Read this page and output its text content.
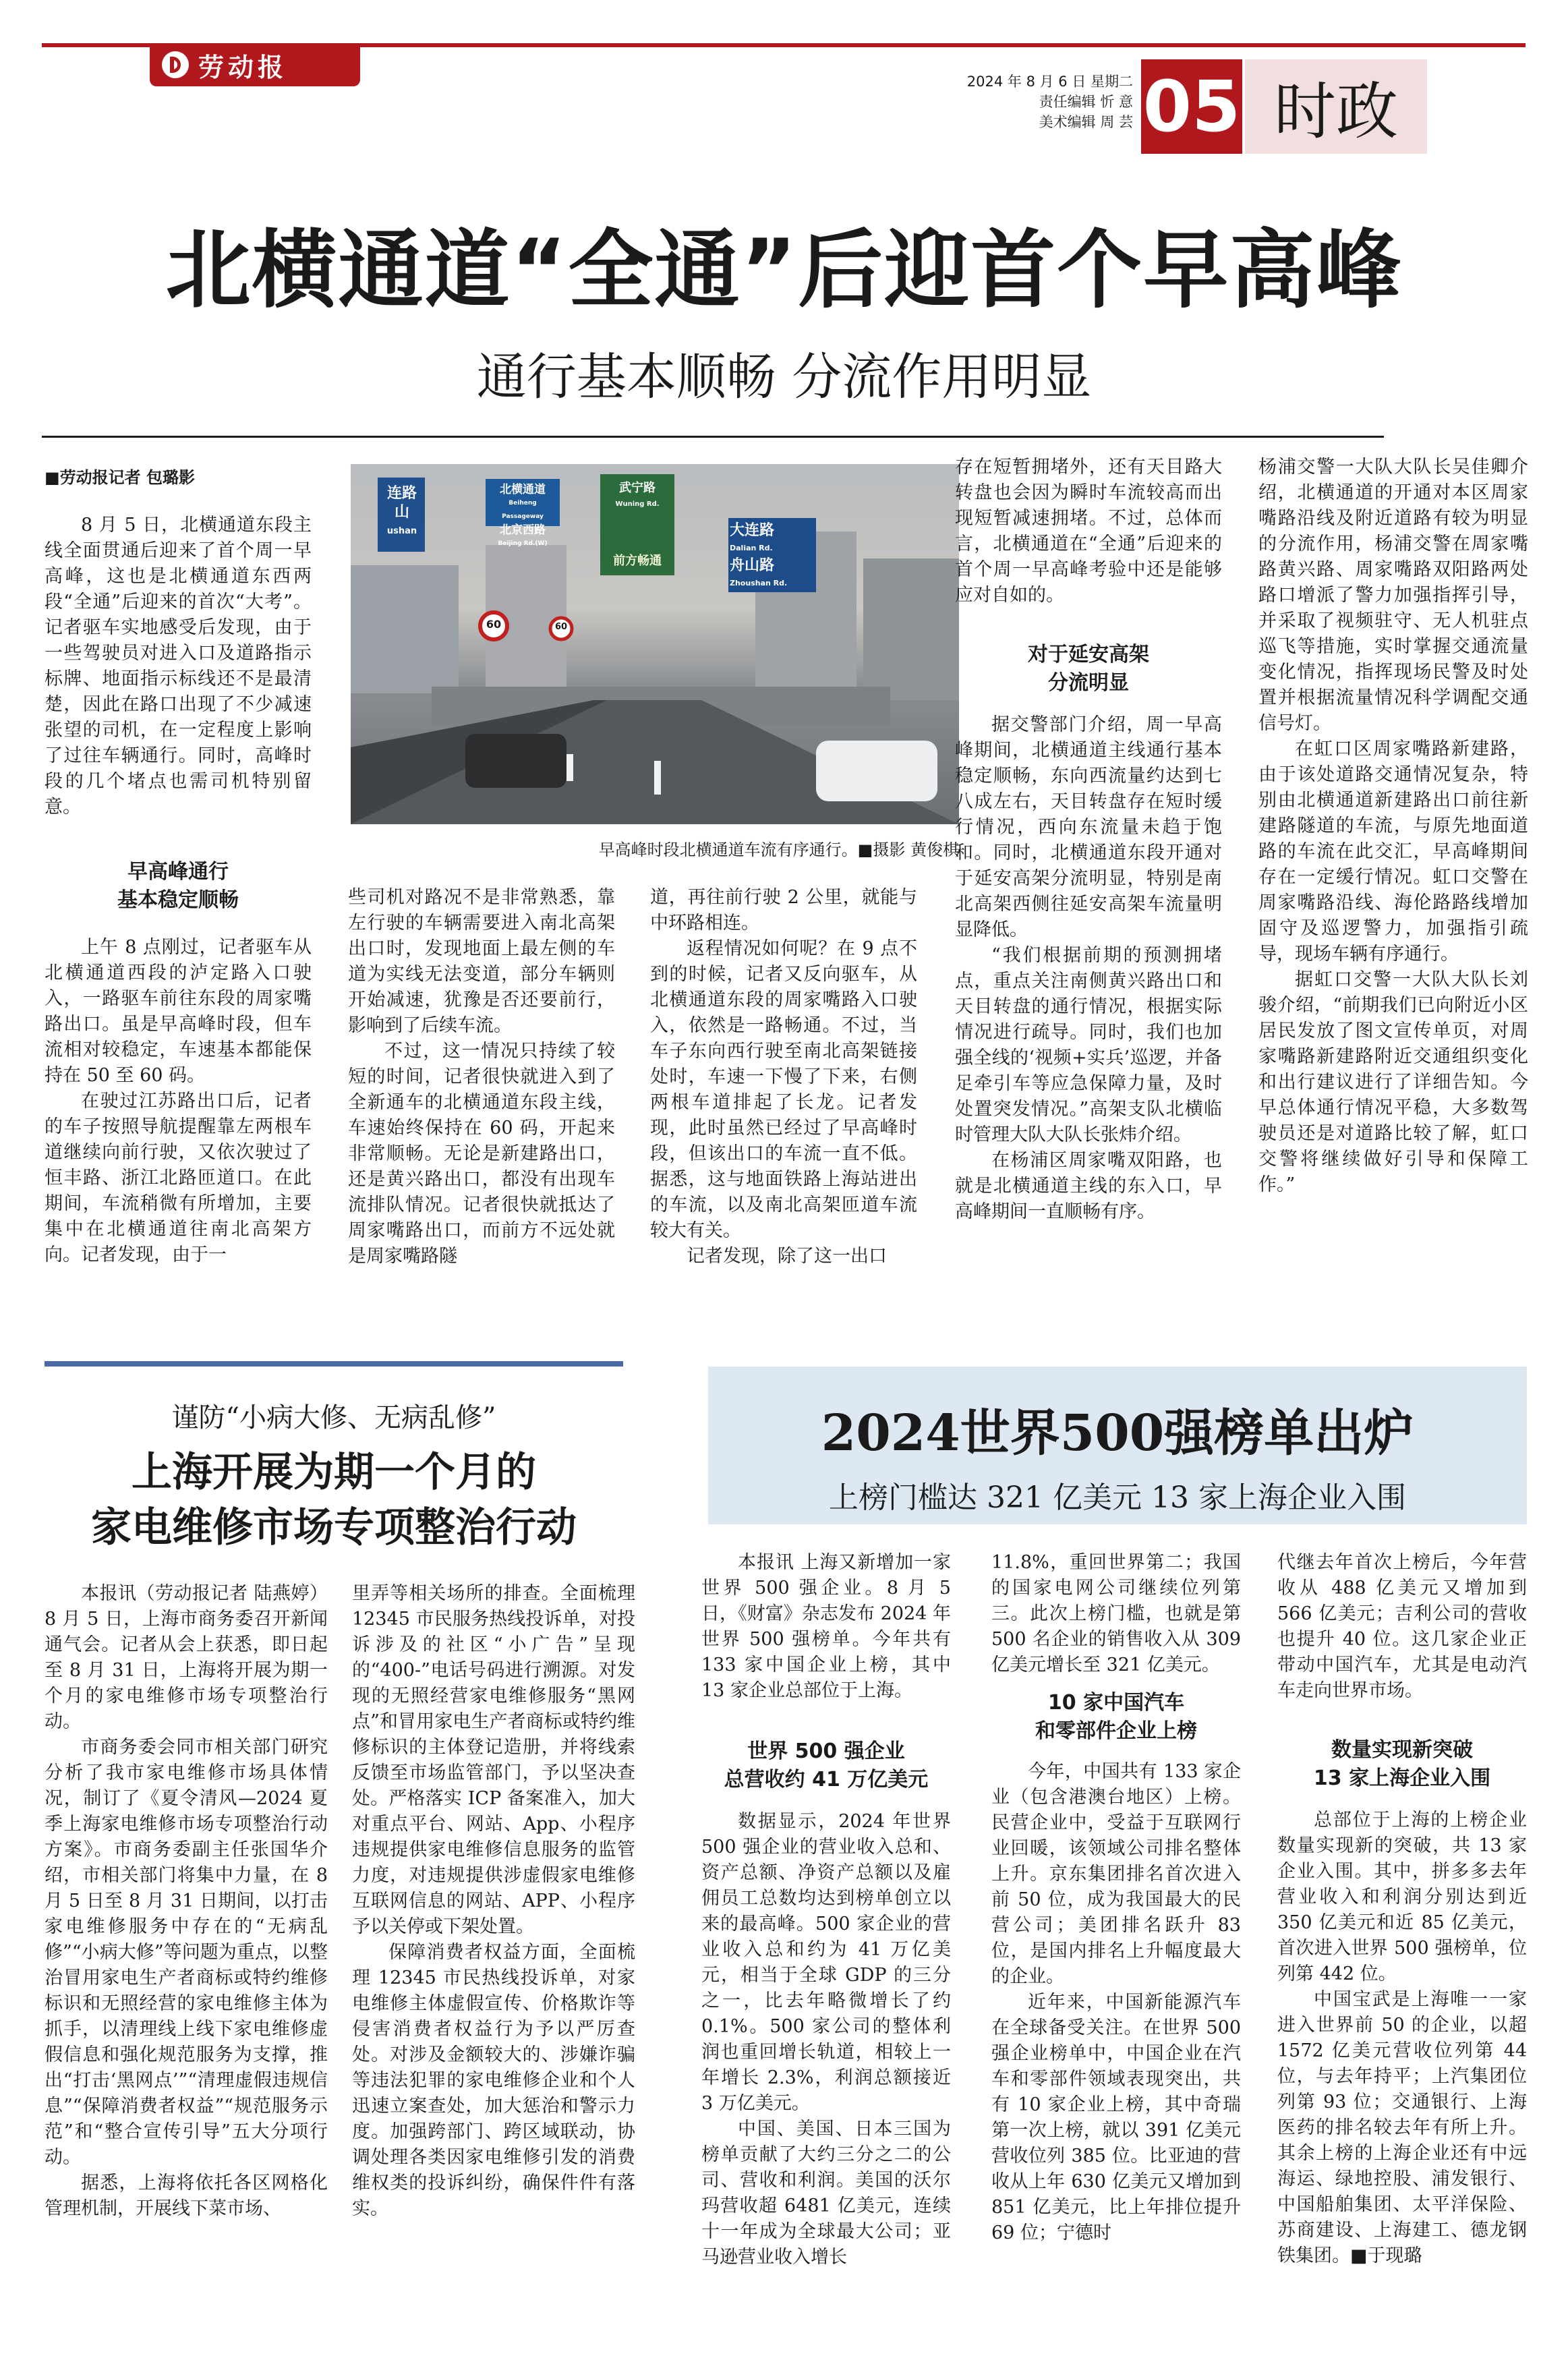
劳动报	2024 年 8 月 6 日 星期二
责任编辑 忻 意
美术编辑 周 芸 05 时政
北横通道“全通”后迎首个早高峰
通行基本顺畅 分流作用明显
■劳动报记者 包璐影

8 月 5 日，北横通道东段主线全面贯通后迎来了首个周一早高峰，这也是北横通道东西两段“全通”后迎来的首次“大考”。记者驱车实地感受后发现，由于一些驾驶员对进入口及道路指示标牌、地面指示标线还不是最清楚，因此在路口出现了不少减速张望的司机，在一定程度上影响了过往车辆通行。同时，高峰时段的几个堵点也需司机特别留意。

早高峰通行
基本稳定顺畅

上午 8 点刚过，记者驱车从北横通道西段的泸定路入口驶入，一路驱车前往东段的周家嘴路出口。虽是早高峰时段，但车流相对较稳定，车速基本都能保持在 50 至 60 码。

在驶过江苏路出口后，记者的车子按照导航提醒靠左两根车道继续向前行驶，又依次驶过了恒丰路、浙江北路匝道口。在此期间，车流稍微有所增加，主要集中在北横通道往南北高架方向。记者发现，由于一

连路
山
ushan
北横通道
Beiheng Passageway
北京西路
Beijing Rd.(W)
武宁路
Wuning Rd.
前方畅通
大连路
Dalian Rd.
舟山路
Zhoushan Rd.
60	60
早高峰时段北横通道车流有序通行。■摄影 黄俊棋

些司机对路况不是非常熟悉，靠左行驶的车辆需要进入南北高架出口时，发现地面上最左侧的车道为实线无法变道，部分车辆则开始减速，犹豫是否还要前行，影响到了后续车流。

不过，这一情况只持续了较短的时间，记者很快就进入到了全新通车的北横通道东段主线，车速始终保持在 60 码，开起来非常顺畅。无论是新建路出口，还是黄兴路出口，都没有出现车流排队情况。记者很快就抵达了周家嘴路出口，而前方不远处就是周家嘴路隧

道，再往前行驶 2 公里，就能与中环路相连。

返程情况如何呢？在 9 点不到的时候，记者又反向驱车，从北横通道东段的周家嘴路入口驶入，依然是一路畅通。不过，当车子东向西行驶至南北高架链接处时，车速一下慢了下来，右侧两根车道排起了长龙。记者发现，此时虽然已经过了早高峰时段，但该出口的车流一直不低。据悉，这与地面铁路上海站进出的车流，以及南北高架匝道车流较大有关。

记者发现，除了这一出口

存在短暂拥堵外，还有天目路大转盘也会因为瞬时车流较高而出现短暂减速拥堵。不过，总体而言，北横通道在“全通”后迎来的首个周一早高峰考验中还是能够应对自如的。

对于延安高架
分流明显

据交警部门介绍，周一早高峰期间，北横通道主线通行基本稳定顺畅，东向西流量约达到七八成左右，天目转盘存在短时缓行情况，西向东流量未趋于饱和。同时，北横通道东段开通对于延安高架分流明显，特别是南北高架西侧往延安高架车流量明显降低。

“我们根据前期的预测拥堵点，重点关注南侧黄兴路出口和天目转盘的通行情况，根据实际情况进行疏导。同时，我们也加强全线的‘视频+实兵’巡逻，并备足牵引车等应急保障力量，及时处置突发情况。”高架支队北横临时管理大队大队长张炜介绍。

在杨浦区周家嘴双阳路，也就是北横通道主线的东入口，早高峰期间一直顺畅有序。

杨浦交警一大队大队长吴佳卿介绍，北横通道的开通对本区周家嘴路沿线及附近道路有较为明显的分流作用，杨浦交警在周家嘴路黄兴路、周家嘴路双阳路两处路口增派了警力加强指挥引导，并采取了视频驻守、无人机驻点巡飞等措施，实时掌握交通流量变化情况，指挥现场民警及时处置并根据流量情况科学调配交通信号灯。

在虹口区周家嘴路新建路，由于该处道路交通情况复杂，特别由北横通道新建路出口前往新建路隧道的车流，与原先地面道路的车流在此交汇，早高峰期间存在一定缓行情况。虹口交警在周家嘴路沿线、海伦路路线增加固守及巡逻警力，加强指引疏导，现场车辆有序通行。

据虹口交警一大队大队长刘骏介绍，“前期我们已向附近小区居民发放了图文宣传单页，对周家嘴路新建路附近交通组织变化和出行建议进行了详细告知。今早总体通行情况平稳，大多数驾驶员还是对道路比较了解，虹口交警将继续做好引导和保障工作。”

谨防“小病大修、无病乱修”
上海开展为期一个月的
家电维修市场专项整治行动

本报讯（劳动报记者 陆燕婷）8 月 5 日，上海市商务委召开新闻通气会。记者从会上获悉，即日起至 8 月 31 日，上海将开展为期一个月的家电维修市场专项整治行动。

市商务委会同市相关部门研究分析了我市家电维修市场具体情况，制订了《夏令清风—2024 夏季上海家电维修市场专项整治行动方案》。市商务委副主任张国华介绍，市相关部门将集中力量，在 8 月 5 日至 8 月 31 日期间，以打击家电维修服务中存在的“无病乱修”“小病大修”等问题为重点，以整治冒用家电生产者商标或特约维修标识和无照经营的家电维修主体为抓手，以清理线上线下家电维修虚假信息和强化规范服务为支撑，推出“打击‘黑网点’”“清理虚假违规信息”“保障消费者权益”“规范服务示范”和“整合宣传引导”五大分项行动。

据悉，上海将依托各区网格化管理机制，开展线下菜市场、

里弄等相关场所的排查。全面梳理 12345 市民服务热线投诉单，对投诉涉及的社区“小广告”呈现的“400-”电话号码进行溯源。对发现的无照经营家电维修服务“黑网点”和冒用家电生产者商标或特约维修标识的主体登记造册，并将线索反馈至市场监管部门，予以坚决查处。严格落实 ICP 备案准入，加大对重点平台、网站、App、小程序违规提供家电维修信息服务的监管力度，对违规提供涉虚假家电维修互联网信息的网站、APP、小程序予以关停或下架处置。

保障消费者权益方面，全面梳理 12345 市民热线投诉单，对家电维修主体虚假宣传、价格欺诈等侵害消费者权益行为予以严厉查处。对涉及金额较大的、涉嫌诈骗等违法犯罪的家电维修企业和个人迅速立案查处，加大惩治和警示力度。加强跨部门、跨区域联动，协调处理各类因家电维修引发的消费维权类的投诉纠纷，确保件件有落实。

2024世界500强榜单出炉
上榜门槛达 321 亿美元 13 家上海企业入围

本报讯 上海又新增加一家世界 500 强企业。8 月 5 日，《财富》杂志发布 2024 年世界 500 强榜单。今年共有 133 家中国企业上榜，其中 13 家企业总部位于上海。

世界 500 强企业
总营收约 41 万亿美元

数据显示，2024 年世界 500 强企业的营业收入总和、资产总额、净资产总额以及雇佣员工总数均达到榜单创立以来的最高峰。500 家企业的营业收入总和约为 41 万亿美元，相当于全球 GDP 的三分之一，比去年略微增长了约 0.1%。500 家公司的整体利润也重回增长轨道，相较上一年增长 2.3%，利润总额接近 3 万亿美元。

中国、美国、日本三国为榜单贡献了大约三分之二的公司、营收和利润。美国的沃尔玛营收超 6481 亿美元，连续十一年成为全球最大公司；亚马逊营业收入增长

11.8%，重回世界第二；我国的国家电网公司继续位列第三。此次上榜门槛，也就是第 500 名企业的销售收入从 309 亿美元增长至 321 亿美元。

10 家中国汽车
和零部件企业上榜

今年，中国共有 133 家企业（包含港澳台地区）上榜。民营企业中，受益于互联网行业回暖，该领域公司排名整体上升。京东集团排名首次进入前 50 位，成为我国最大的民营公司；美团排名跃升 83 位，是国内排名上升幅度最大的企业。

近年来，中国新能源汽车在全球备受关注。在世界 500 强企业榜单中，中国企业在汽车和零部件领域表现突出，共有 10 家企业上榜，其中奇瑞第一次上榜，就以 391 亿美元营收位列 385 位。比亚迪的营收从上年 630 亿美元又增加到 851 亿美元，比上年排位提升 69 位；宁德时

代继去年首次上榜后，今年营收从 488 亿美元又增加到 566 亿美元；吉利公司的营收也提升 40 位。这几家企业正带动中国汽车，尤其是电动汽车走向世界市场。

数量实现新突破
13 家上海企业入围

总部位于上海的上榜企业数量实现新的突破，共 13 家企业入围。其中，拼多多去年营业收入和利润分别达到近 350 亿美元和近 85 亿美元，首次进入世界 500 强榜单，位列第 442 位。

中国宝武是上海唯一一家进入世界前 50 的企业，以超 1572 亿美元营收位列第 44 位，与去年持平；上汽集团位列第 93 位；交通银行、上海医药的排名较去年有所上升。其余上榜的上海企业还有中远海运、绿地控股、浦发银行、中国船舶集团、太平洋保险、苏商建设、上海建工、德龙钢铁集团。■于现璐
